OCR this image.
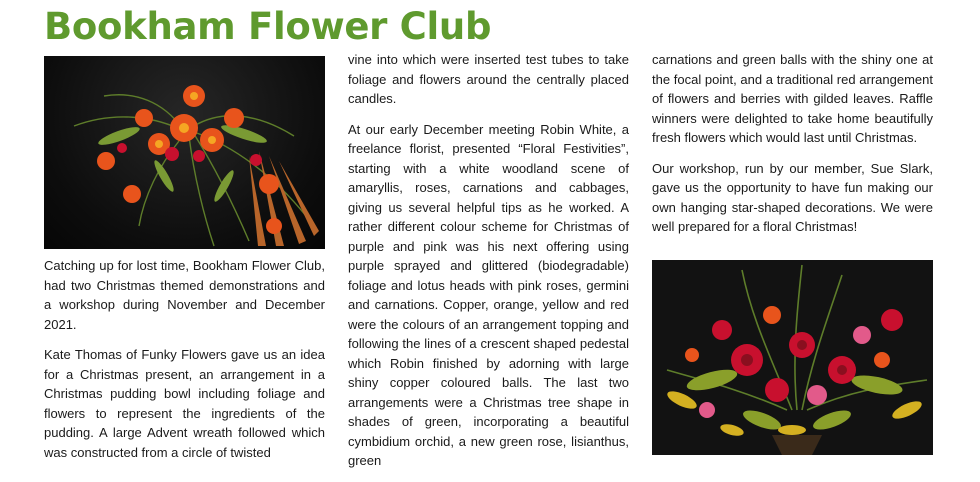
Bookham Flower Club

Catching up for lost time, Bookham Flower Club, had two Christmas themed demonstrations and a workshop during November and December 2021.

Kate Thomas of Funky Flowers gave us an idea for a Christmas present, an arrangement in a Christmas pudding bowl including foliage and flowers to represent the ingredients of the pudding. A large Advent wreath followed which was constructed from a circle of twisted

vine into which were inserted test tubes to take foliage and flowers around the centrally placed candles.

At our early December meeting Robin White, a freelance florist, presented “Floral Festivities”, starting with a white woodland scene of amaryllis, roses, carnations and cabbages, giving us several helpful tips as he worked. A rather different colour scheme for Christmas of purple and pink was his next offering using purple sprayed and glittered (biodegradable) foliage and lotus heads with pink roses, germini and carnations. Copper, orange, yellow and red were the colours of an arrangement topping and following the lines of a crescent shaped pedestal which Robin finished by adorning with large shiny copper coloured balls. The last two arrangements were a Christmas tree shape in shades of green, incorporating a beautiful cymbidium orchid, a new green rose, lisianthus, green

carnations and green balls with the shiny one at the focal point, and a traditional red arrangement of flowers and berries with gilded leaves. Raffle winners were delighted to take home beautifully fresh flowers which would last until Christmas.

Our workshop, run by our member, Sue Slark, gave us the opportunity to have fun making our own hanging star-shaped decorations. We were well prepared for a floral Christmas!
